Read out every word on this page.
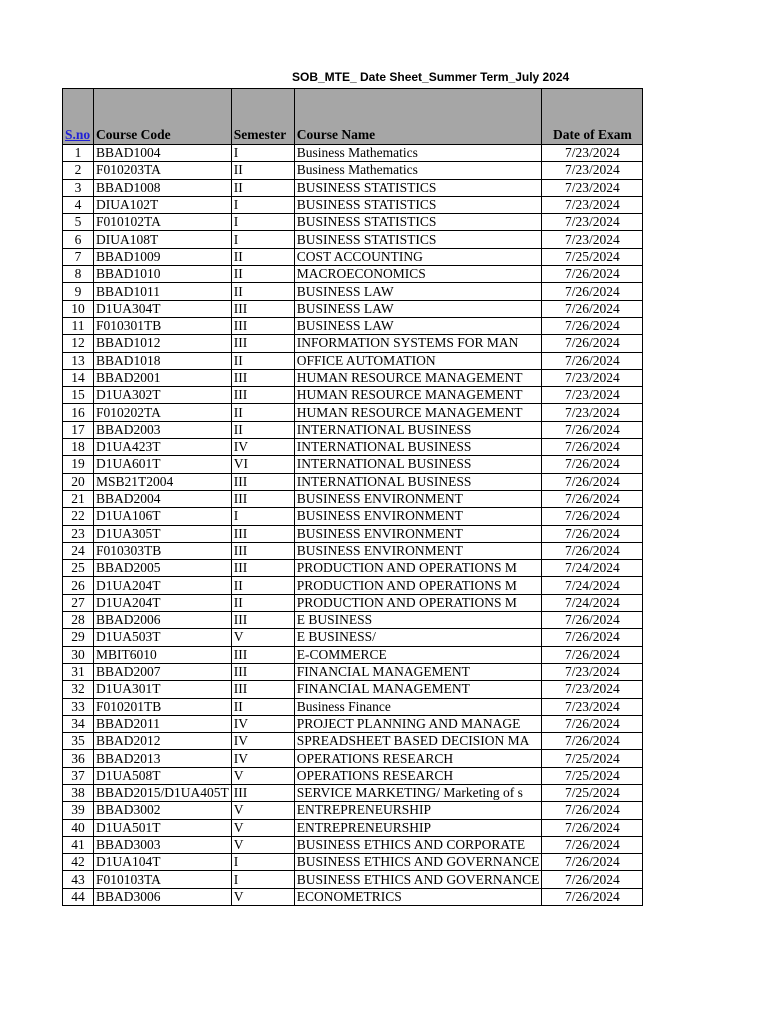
SOB_MTE_ Date Sheet_Summer Term_July 2024
S.no	Course Code	Semester	Course Name	Date of Exam
1	BBAD1004	I	Business Mathematics	7/23/2024
2	F010203TA	II	Business Mathematics	7/23/2024
3	BBAD1008	II	BUSINESS STATISTICS	7/23/2024
4	DIUA102T	I	BUSINESS STATISTICS	7/23/2024
5	F010102TA	I	BUSINESS STATISTICS	7/23/2024
6	DIUA108T	I	BUSINESS STATISTICS	7/23/2024
7	BBAD1009	II	COST ACCOUNTING	7/25/2024
8	BBAD1010	II	MACROECONOMICS	7/26/2024
9	BBAD1011	II	BUSINESS LAW	7/26/2024
10	D1UA304T	III	BUSINESS LAW	7/26/2024
11	F010301TB	III	BUSINESS LAW	7/26/2024
12	BBAD1012	III	INFORMATION SYSTEMS FOR MAN	7/26/2024
13	BBAD1018	II	OFFICE AUTOMATION	7/26/2024
14	BBAD2001	III	HUMAN RESOURCE MANAGEMENT	7/23/2024
15	D1UA302T	III	HUMAN RESOURCE MANAGEMENT	7/23/2024
16	F010202TA	II	HUMAN RESOURCE MANAGEMENT	7/23/2024
17	BBAD2003	II	INTERNATIONAL BUSINESS	7/26/2024
18	D1UA423T	IV	INTERNATIONAL BUSINESS	7/26/2024
19	D1UA601T	VI	INTERNATIONAL BUSINESS	7/26/2024
20	MSB21T2004	III	INTERNATIONAL BUSINESS	7/26/2024
21	BBAD2004	III	BUSINESS ENVIRONMENT	7/26/2024
22	D1UA106T	I	BUSINESS ENVIRONMENT	7/26/2024
23	D1UA305T	III	BUSINESS ENVIRONMENT	7/26/2024
24	F010303TB	III	BUSINESS ENVIRONMENT	7/26/2024
25	BBAD2005	III	PRODUCTION AND OPERATIONS M	7/24/2024
26	D1UA204T	II	PRODUCTION AND OPERATIONS M	7/24/2024
27	D1UA204T	II	PRODUCTION AND OPERATIONS M	7/24/2024
28	BBAD2006	III	E BUSINESS	7/26/2024
29	D1UA503T	V	E BUSINESS/	7/26/2024
30	MBIT6010	III	E-COMMERCE	7/26/2024
31	BBAD2007	III	FINANCIAL MANAGEMENT	7/23/2024
32	D1UA301T	III	FINANCIAL MANAGEMENT	7/23/2024
33	F010201TB	II	Business Finance	7/23/2024
34	BBAD2011	IV	PROJECT PLANNING AND MANAGE	7/26/2024
35	BBAD2012	IV	SPREADSHEET BASED DECISION MA	7/26/2024
36	BBAD2013	IV	OPERATIONS RESEARCH	7/25/2024
37	D1UA508T	V	OPERATIONS RESEARCH	7/25/2024
38	BBAD2015/D1UA405T	III	SERVICE MARKETING/ Marketing of s	7/25/2024
39	BBAD3002	V	ENTREPRENEURSHIP	7/26/2024
40	D1UA501T	V	ENTREPRENEURSHIP	7/26/2024
41	BBAD3003	V	BUSINESS ETHICS AND CORPORATE	7/26/2024
42	D1UA104T	I	BUSINESS ETHICS AND GOVERNANCE	7/26/2024
43	F010103TA	I	BUSINESS ETHICS AND GOVERNANCE	7/26/2024
44	BBAD3006	V	ECONOMETRICS	7/26/2024
